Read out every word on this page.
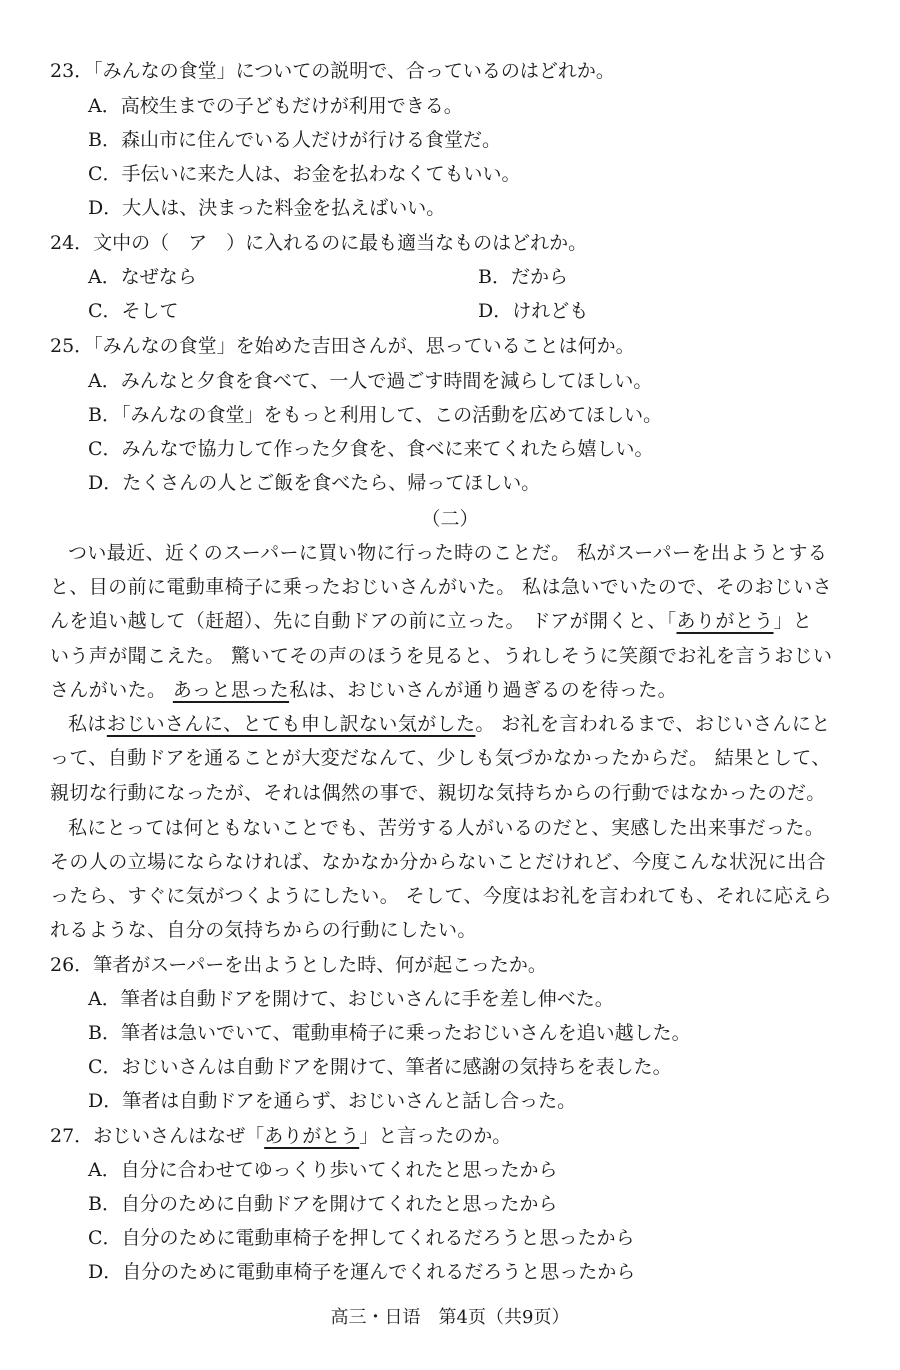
23．「みんなの食堂」についての説明で、合っているのはどれか。
A．高校生までの子どもだけが利用できる。
B．森山市に住んでいる人だけが行ける食堂だ。
C．手伝いに来た人は、お金を払わなくてもいい。
D．大人は、決まった料金を払えばいい。
24．文中の（　ア　）に入れるのに最も適当なものはどれか。
A．なぜなら	B．だから
C．そして	D．けれども
25．「みんなの食堂」を始めた吉田さんが、思っていることは何か。
A．みんなと夕食を食べて、一人で過ごす時間を減らしてほしい。
B．「みんなの食堂」をもっと利用して、この活動を広めてほしい。
C．みんなで協力して作った夕食を、食べに来てくれたら嬉しい。
D．たくさんの人とご飯を食べたら、帰ってほしい。
（二）
つい最近、近くのスーパーに買い物に行った時のことだ。 私がスーパーを出ようとする
と、目の前に電動車椅子に乗ったおじいさんがいた。 私は急いでいたので、そのおじいさ
んを追い越して（赶超）、先に自動ドアの前に立った。 ドアが開くと、「ありがとう」と
いう声が聞こえた。 驚いてその声のほうを見ると、うれしそうに笑顔でお礼を言うおじい
さんがいた。 あっと思った私は、おじいさんが通り過ぎるのを待った。
私はおじいさんに、とても申し訳ない気がした。 お礼を言われるまで、おじいさんにと
って、自動ドアを通ることが大変だなんて、少しも気づかなかったからだ。 結果として、
親切な行動になったが、それは偶然の事で、親切な気持ちからの行動ではなかったのだ。
私にとっては何ともないことでも、苦労する人がいるのだと、実感した出来事だった。
その人の立場にならなければ、なかなか分からないことだけれど、今度こんな状況に出合
ったら、すぐに気がつくようにしたい。 そして、今度はお礼を言われても、それに応えら
れるような、自分の気持ちからの行動にしたい。
26．筆者がスーパーを出ようとした時、何が起こったか。
A．筆者は自動ドアを開けて、おじいさんに手を差し伸べた。
B．筆者は急いでいて、電動車椅子に乗ったおじいさんを追い越した。
C．おじいさんは自動ドアを開けて、筆者に感謝の気持ちを表した。
D．筆者は自動ドアを通らず、おじいさんと話し合った。
27．おじいさんはなぜ「ありがとう」と言ったのか。
A．自分に合わせてゆっくり歩いてくれたと思ったから
B．自分のために自動ドアを開けてくれたと思ったから
C．自分のために電動車椅子を押してくれるだろうと思ったから
D．自分のために電動車椅子を運んでくれるだろうと思ったから
高三・日语　第4页（共9页）
